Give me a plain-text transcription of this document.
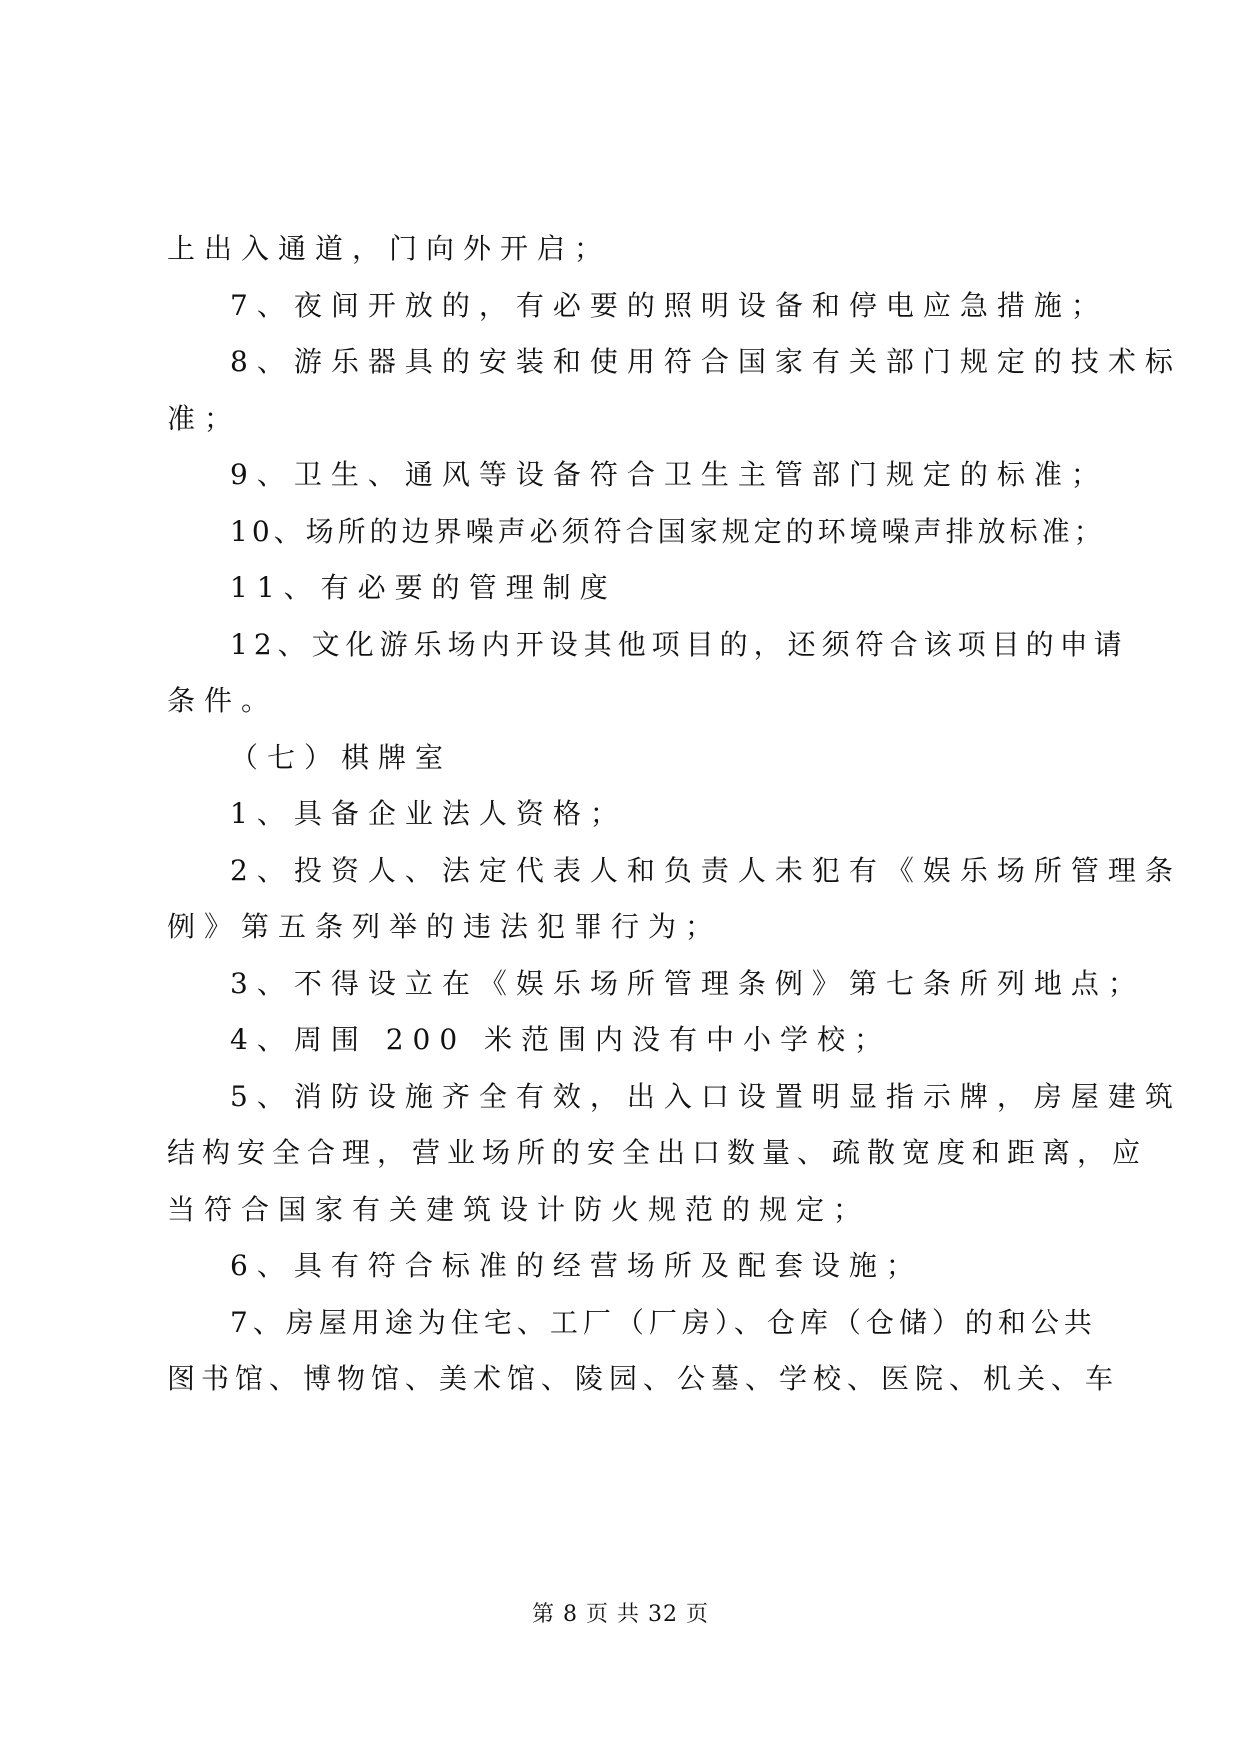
上出入通道，门向外开启；
7、夜间开放的，有必要的照明设备和停电应急措施；
8、游乐器具的安装和使用符合国家有关部门规定的技术标
准；
9、卫生、通风等设备符合卫生主管部门规定的标准；
10、场所的边界噪声必须符合国家规定的环境噪声排放标准；
11、有必要的管理制度
12、文化游乐场内开设其他项目的，还须符合该项目的申请
条件。
（七）棋牌室
1、具备企业法人资格；
2、投资人、法定代表人和负责人未犯有《娱乐场所管理条
例》第五条列举的违法犯罪行为；
3、不得设立在《娱乐场所管理条例》第七条所列地点；
4、周围 200 米范围内没有中小学校；
5、消防设施齐全有效，出入口设置明显指示牌，房屋建筑
结构安全合理，营业场所的安全出口数量、疏散宽度和距离，应
当符合国家有关建筑设计防火规范的规定；
6、具有符合标准的经营场所及配套设施；
7、房屋用途为住宅、工厂（厂房）、仓库（仓储）的和公共
图书馆、博物馆、美术馆、陵园、公墓、学校、医院、机关、车
第 8 页 共 32 页
